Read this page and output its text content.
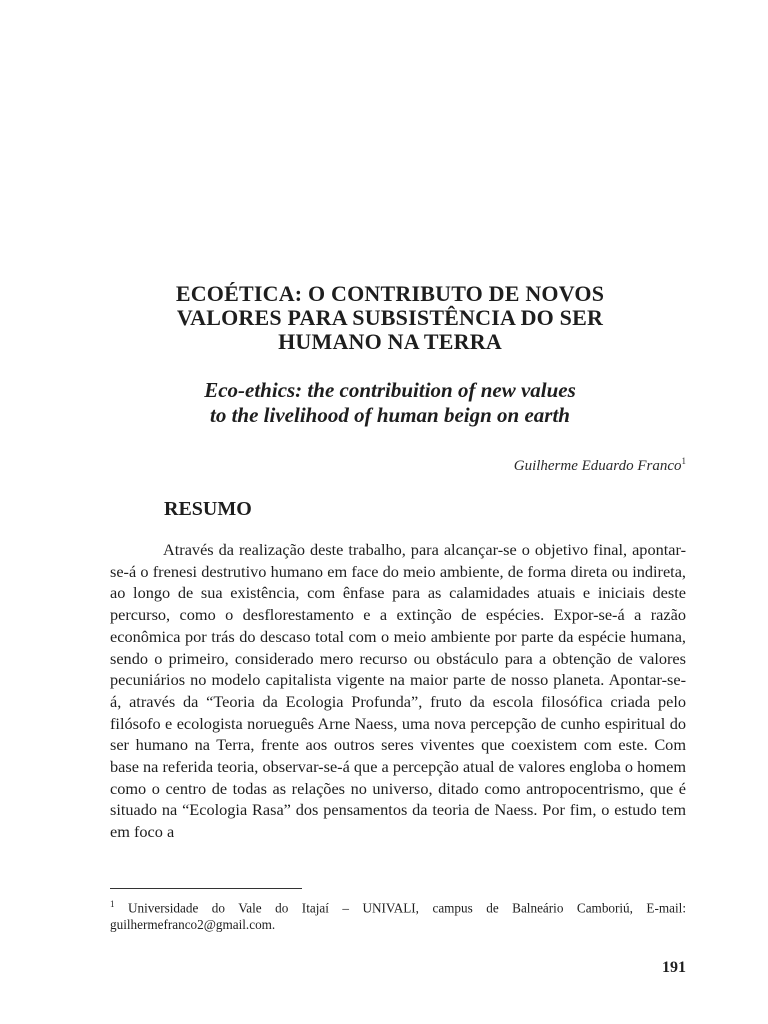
ECOÉTICA: O CONTRIBUTO DE NOVOS
VALORES PARA SUBSISTÊNCIA DO SER
HUMANO NA TERRA
Eco-ethics: the contribuition of new values
to the livelihood of human beign on earth
Guilherme Eduardo Franco$^1$
RESUMO

Através da realização deste trabalho, para alcançar-se o objetivo final, apontar-se-á o frenesi destrutivo humano em face do meio ambiente, de forma direta ou indireta, ao longo de sua existência, com ênfase para as calamidades atuais e iniciais deste percurso, como o desflorestamento e a extinção de espécies. Expor-se-á a razão econômica por trás do descaso total com o meio ambiente por parte da espécie humana, sendo o primeiro, considerado mero recurso ou obstáculo para a obtenção de valores pecuniários no modelo capitalista vigente na maior parte de nosso planeta. Apontar-se-á, através da “Teoria da Ecologia Profunda”, fruto da escola filosófica criada pelo filósofo e ecologista norueguês Arne Naess, uma nova percepção de cunho espiritual do ser humano na Terra, frente aos outros seres viventes que coexistem com este. Com base na referida teoria, observar-se-á que a percepção atual de valores engloba o homem como o centro de todas as relações no universo, ditado como antropocentrismo, que é situado na “Ecologia Rasa” dos pensamentos da teoria de Naess. Por fim, o estudo tem em foco a

$^1$ Universidade do Vale do Itajaí – UNIVALI, campus de Balneário Camboriú, E-mail: guilhermefranco2@gmail.com.

191
